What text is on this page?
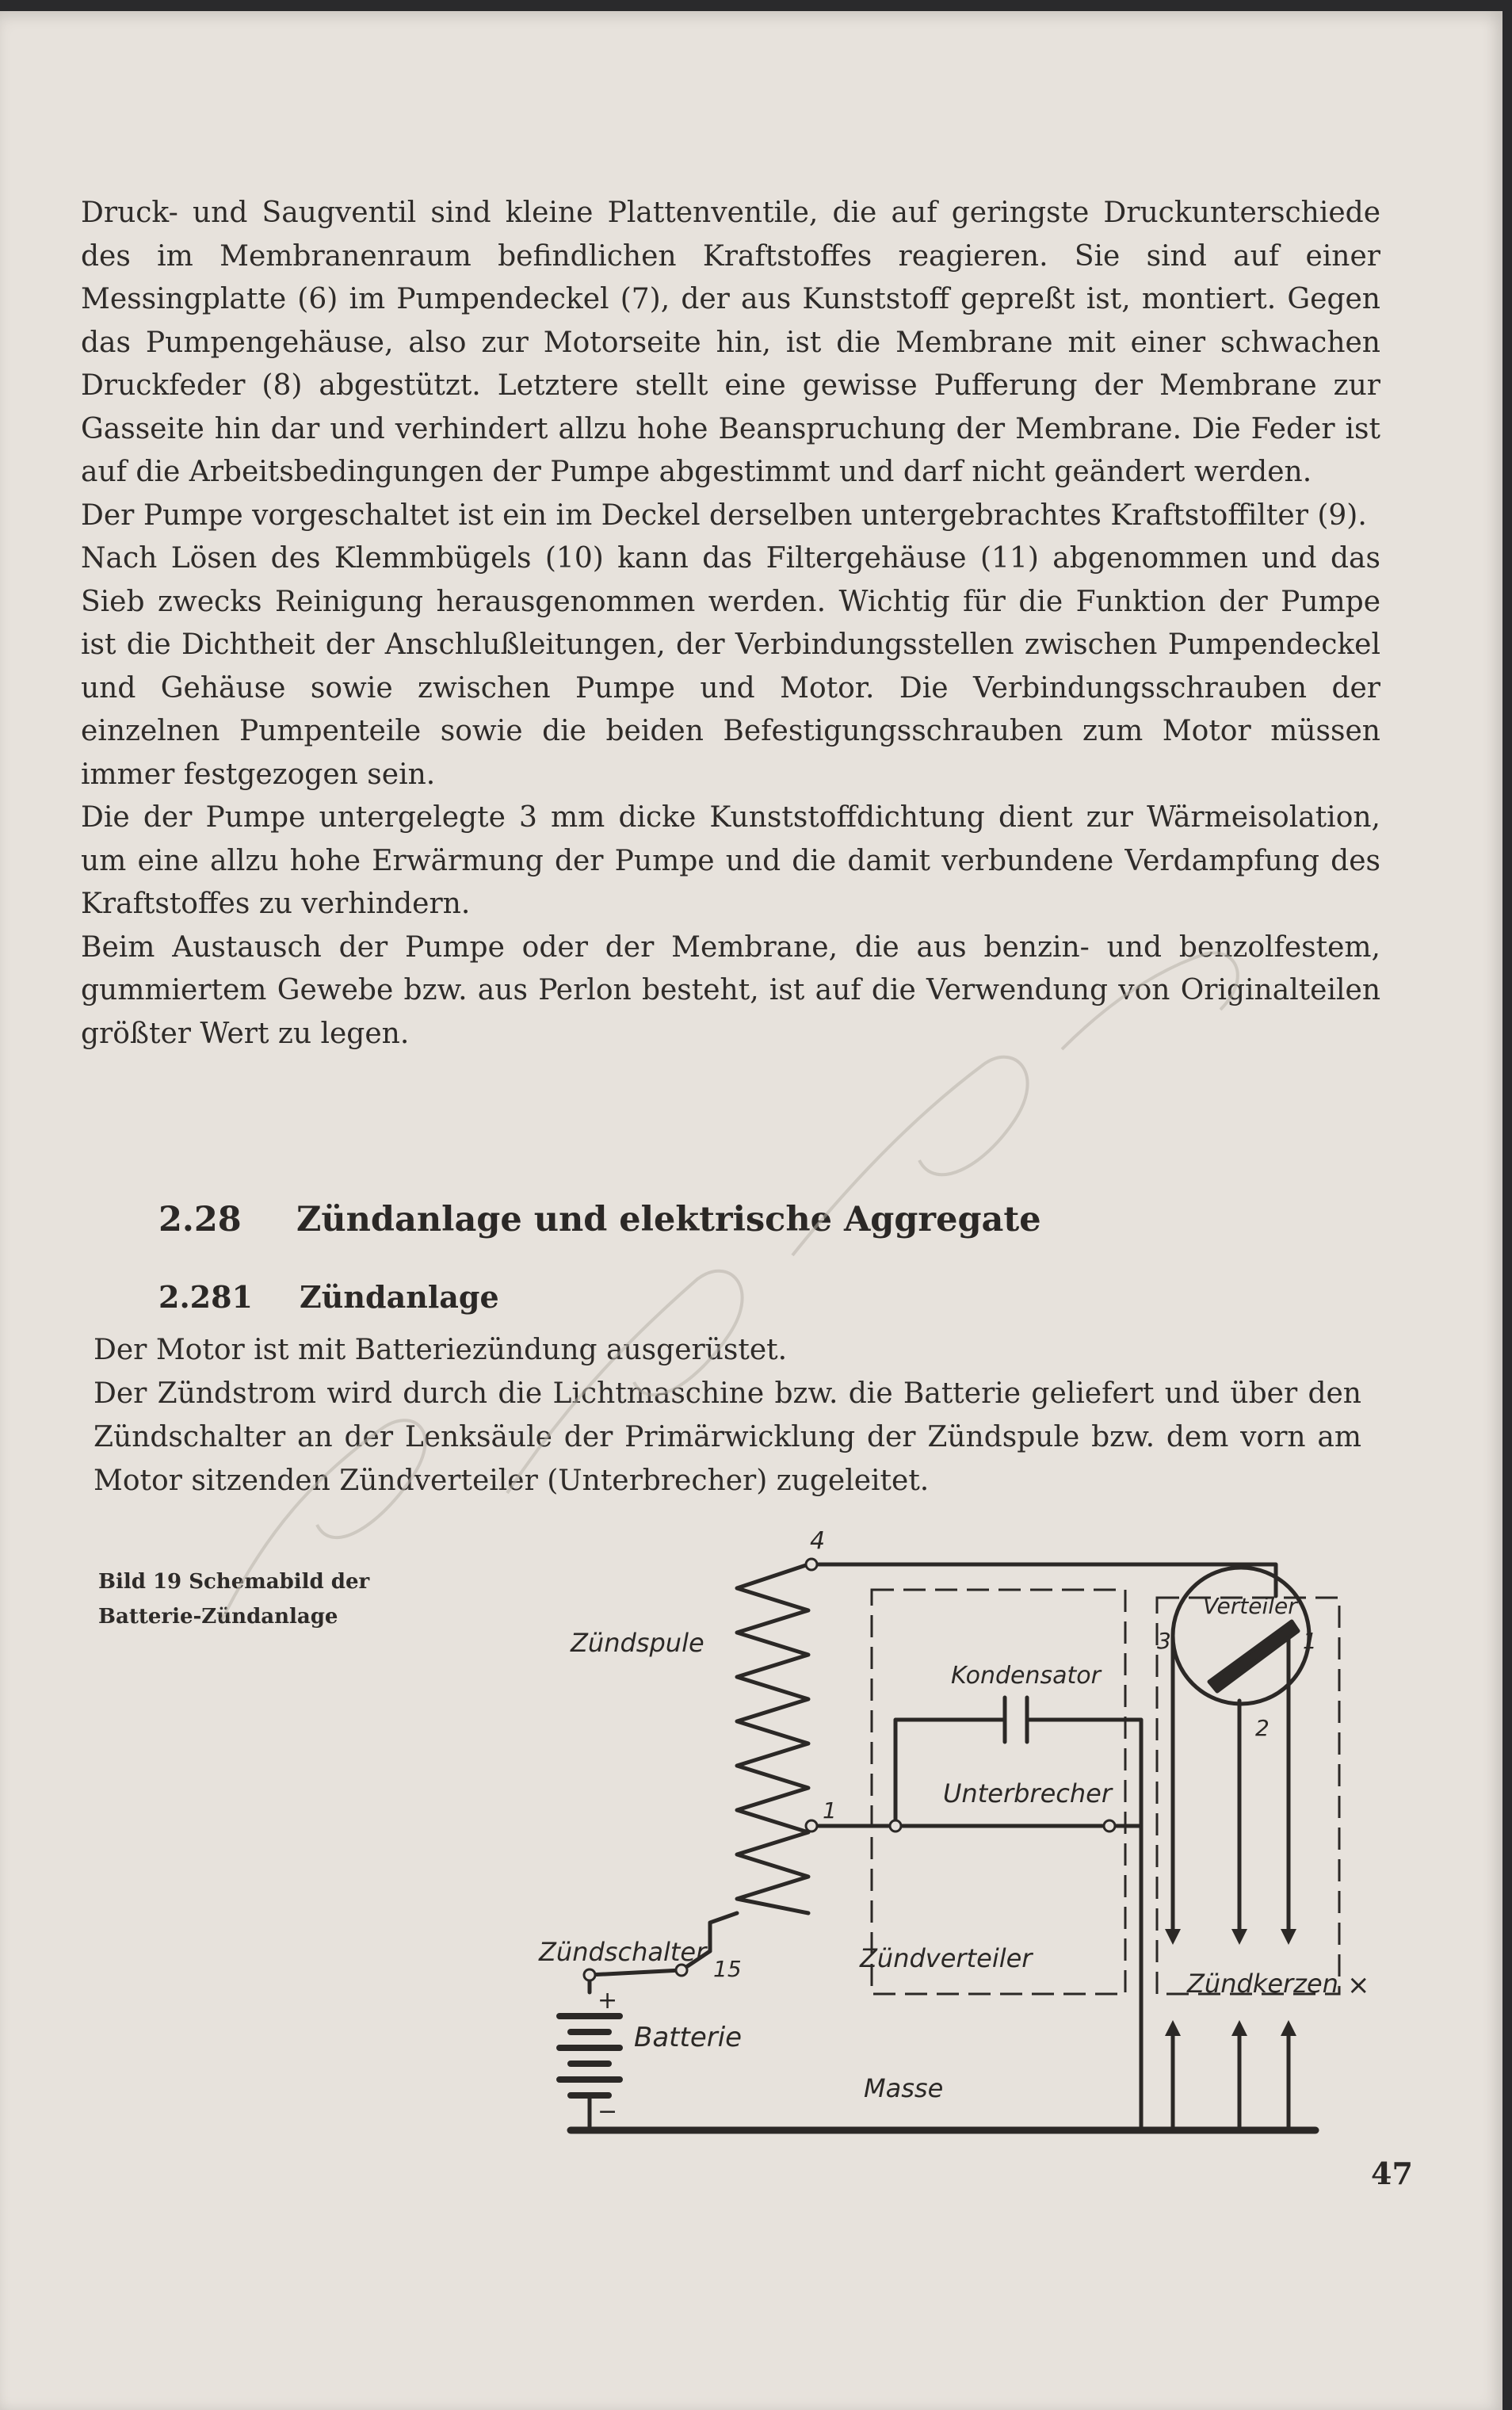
Druck- und Saugventil sind kleine Plattenventile, die auf geringste Druckunterschiede des im Membranenraum befindlichen Kraftstoffes reagieren. Sie sind auf einer Messingplatte (6) im Pumpendeckel (7), der aus Kunststoff gepreßt ist, montiert. Gegen das Pumpengehäuse, also zur Motorseite hin, ist die Membrane mit einer schwachen Druckfeder (8) abgestützt. Letztere stellt eine gewisse Pufferung der Membrane zur Gasseite hin dar und verhindert allzu hohe Beanspruchung der Membrane. Die Feder ist auf die Arbeitsbedingungen der Pumpe abgestimmt und darf nicht geändert werden.

Der Pumpe vorgeschaltet ist ein im Deckel derselben untergebrachtes Kraftstoffilter (9).

Nach Lösen des Klemmbügels (10) kann das Filtergehäuse (11) abgenommen und das Sieb zwecks Reinigung herausgenommen werden. Wichtig für die Funktion der Pumpe ist die Dichtheit der Anschlußleitungen, der Verbindungsstellen zwischen Pumpendeckel und Gehäuse sowie zwischen Pumpe und Motor. Die Verbindungsschrauben der einzelnen Pumpenteile sowie die beiden Befestigungsschrauben zum Motor müssen immer festgezogen sein.

Die der Pumpe untergelegte 3 mm dicke Kunststoffdichtung dient zur Wärmeisolation, um eine allzu hohe Erwärmung der Pumpe und die damit verbundene Verdampfung des Kraftstoffes zu verhindern.

Beim Austausch der Pumpe oder der Membrane, die aus benzin- und benzolfestem, gummiertem Gewebe bzw. aus Perlon besteht, ist auf die Verwendung von Originalteilen größter Wert zu legen.

2.28 Zündanlage und elektrische Aggregate
2.281 Zündanlage

Der Motor ist mit Batteriezündung ausgerüstet.

Der Zündstrom wird durch die Lichtmaschine bzw. die Batterie geliefert und über den Zündschalter an der Lenksäule der Primärwicklung der Zündspule bzw. dem vorn am Motor sitzenden Zündverteiler (Unterbrecher) zugeleitet.

Bild 19 Schemabild der
Batterie-Zündanlage
4
Zündspule
Kondensator
Unterbrecher
Verteiler
1
3	1
2
Zündschalter
15	Zündverteiler
Zündkerzen ×
Batterie
+
−
Masse
47
